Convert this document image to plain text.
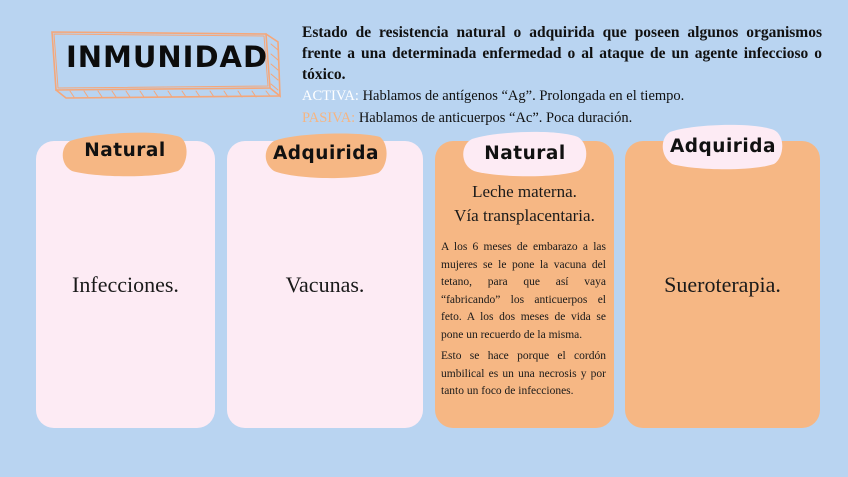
INMUNIDAD
Estado de resistencia natural o adquirida que poseen algunos organismos frente a una determinada enfermedad o al ataque de un agente infeccioso o tóxico.
ACTIVA: Hablamos de antígenos “Ag”. Prolongada en el tiempo.
PASIVA: Hablamos de anticuerpos “Ac”. Poca duración.
Infecciones.
Natural
Vacunas.
Adquirida
Leche materna.
Vía transplacentaria.

A los 6 meses de embarazo a las mujeres se le pone la vacuna del tetano, para que así vaya “fabricando” los anticuerpos el feto. A los dos meses de vida se pone un recuerdo de la misma.

Esto se hace porque el cordón umbilical es un una necrosis y por tanto un foco de infecciones.

Natural
Sueroterapia.
Adquirida
